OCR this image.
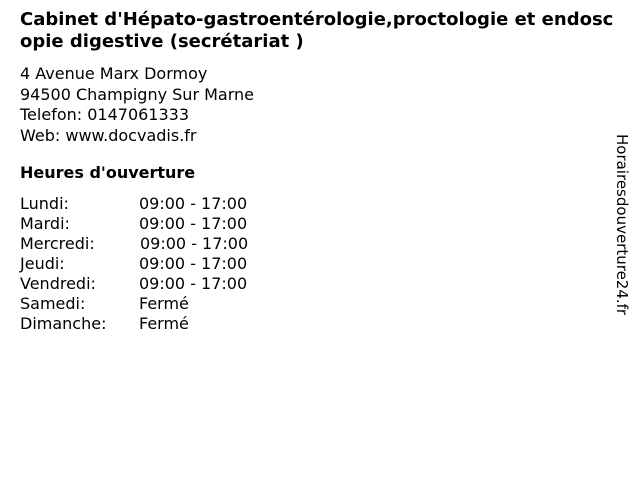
Cabinet d'Hépato-gastroentérologie,proctologie et endoscopie digestive (secrétariat )
4 Avenue Marx Dormoy
94500 Champigny Sur Marne
Telefon: 0147061333
Web: www.docvadis.fr
Heures d'ouverture
Lundi:	09:00 - 17:00
Mardi:	09:00 - 17:00
Mercredi:	09:00 - 17:00
Jeudi:	09:00 - 17:00
Vendredi:	09:00 - 17:00
Samedi:	Fermé
Dimanche:	Fermé
Horairesdouverture24.fr
